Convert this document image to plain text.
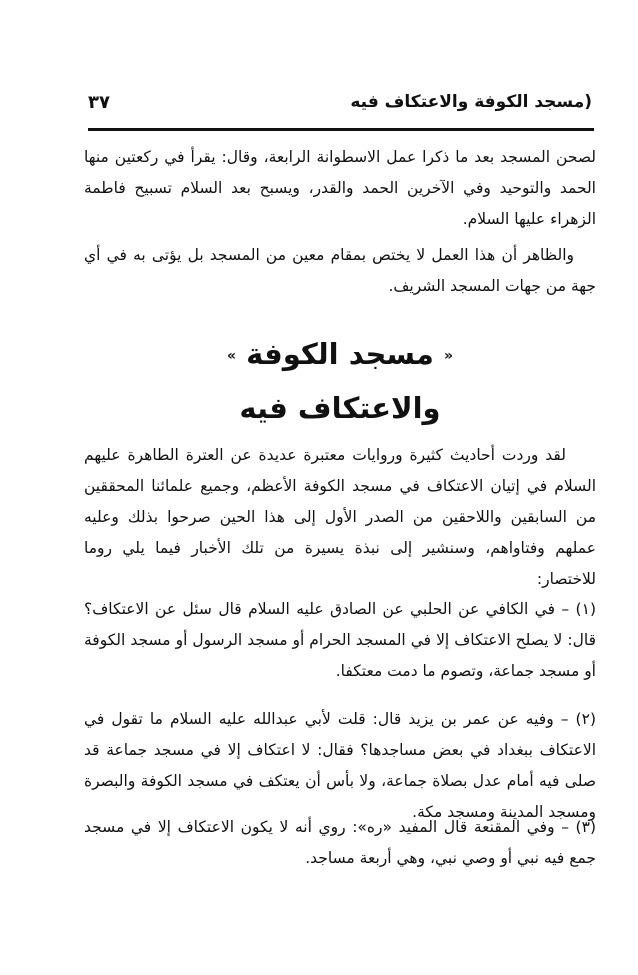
(مسجد الكوفة والاعتكاف فيه
٣٧

لصحن المسجد بعد ما ذكرا عمل الاسطوانة الرابعة، وقال: يقرأ في ركعتين منها الحمد والتوحيد وفي الآخرين الحمد والقدر، ويسبح بعد السلام تسبيح فاطمة الزهراء عليها السلام.

والظاهر أن هذا العمل لا يختص بمقام معين من المسجد بل يؤتى به في أي جهة من جهات المسجد الشريف.

« مسجد الكوفة »
والاعتكاف فيه

لقد وردت أحاديث كثيرة وروايات معتبرة عديدة عن العترة الطاهرة عليهم السلام في إتيان الاعتكاف في مسجد الكوفة الأعظم، وجميع علمائنا المحققين من السابقين واللاحقين من الصدر الأول إلى هذا الحين صرحوا بذلك وعليه عملهم وفتاواهم، وسنشير إلى نبذة يسيرة من تلك الأخبار فيما يلي روما للاختصار:

(١) – في الكافي عن الحلبي عن الصادق عليه السلام قال سئل عن الاعتكاف؟ قال: لا يصلح الاعتكاف إلا في المسجد الحرام أو مسجد الرسول أو مسجد الكوفة أو مسجد جماعة، وتصوم ما دمت معتكفا.

(٢) – وفيه عن عمر بن يزيد قال: قلت لأبي عبدالله عليه السلام ما تقول في الاعتكاف ببغداد في بعض مساجدها؟ فقال: لا اعتكاف إلا في مسجد جماعة قد صلى فيه أمام عدل بصلاة جماعة، ولا بأس أن يعتكف في مسجد الكوفة والبصرة ومسجد المدينة ومسجد مكة.

(٣) – وفي المقنعة قال المفيد «ره»: روي أنه لا يكون الاعتكاف إلا في مسجد جمع فيه نبي أو وصي نبي، وهي أربعة مساجد.
